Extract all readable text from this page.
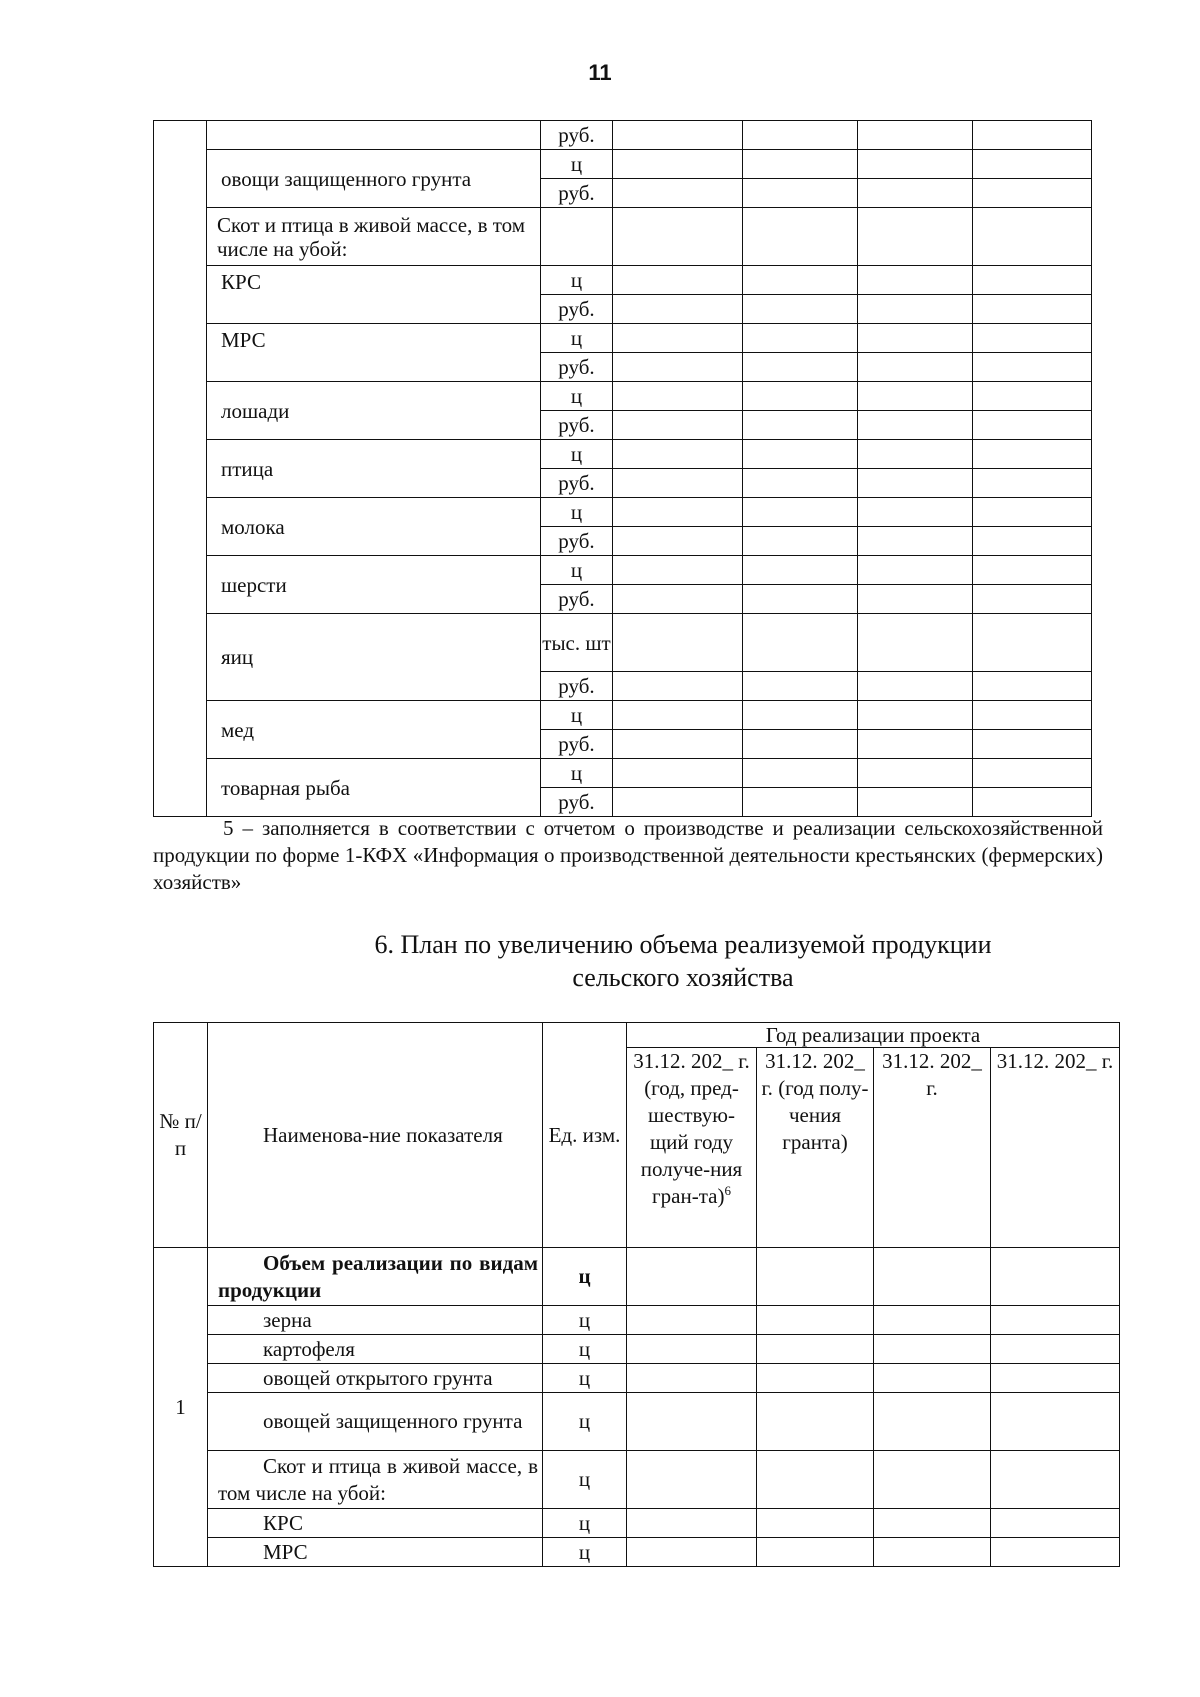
11
		руб.				
	овощи защищенного грунта	ц				
		руб.				
	Скот и птица в живой массе, в том числе на убой:					
	КРС	ц				
		руб.				
	МРС	ц				
		руб.				
	лошади	ц				
		руб.				
	птица	ц				
		руб.				
	молока	ц				
		руб.				
	шерсти	ц				
		руб.				
	яиц	тыс. шт				
		руб.				
	мед	ц				
		руб.				
	товарная рыба	ц				
		руб.				
5 – заполняется в соответствии с отчетом о производстве и реализации сельскохозяйственной продукции по форме 1-КФХ «Информация о производственной деятельности крестьянских (фермерских) хозяйств»
6. План по увеличению объема реализуемой продукции
сельского хозяйства
№ п/п	Наименова-ние показателя	Ед. изм.	Год реализации проекта			
			31.12. 202_ г. (год, пред-шествую-щий году получе-ния гран-та)$^6$	31.12. 202_ г. (год полу-чения гранта)	31.12. 202_ г.	31.12. 202_ г.
1	Объем реализации по видам продукции	ц				
	зерна	ц				
	картофеля	ц				
	овощей открытого грунта	ц				

	овощей защищенного грунта	ц				

	Скот и птица в живой массе, в том числе на убой:	ц				
	КРС	ц				
	МРС	ц				
